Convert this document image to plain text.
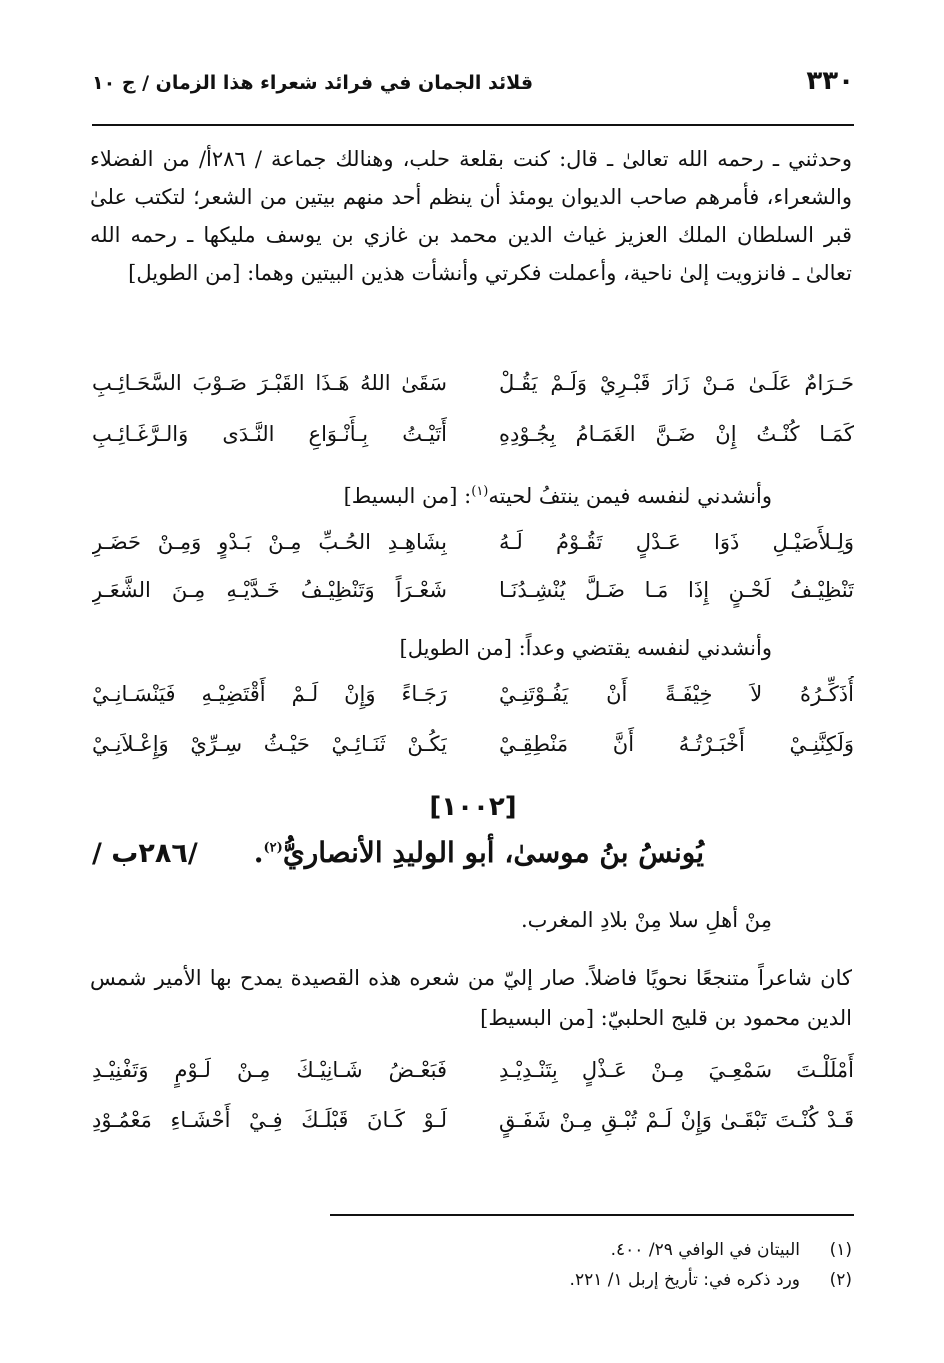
٣٣٠
قلائد الجمان في فرائد شعراء هذا الزمان / ج ١٠
وحدثني ـ رحمه الله تعالىٰ ـ قال: كنت بقلعة حلب، وهنالك جماعة / ٢٨٦أ/ من الفضلاء والشعراء، فأمرهم صاحب الديوان يومئذ أن ينظم أحد منهم بيتين من الشعر؛ لتكتب علىٰ قبر السلطان الملك العزيز غياث الدين محمد بن غازي بن يوسف مليكها ـ رحمه الله تعالىٰ ـ فانزويت إلىٰ ناحية، وأعملت فكرتي وأنشأت هذين البيتين وهما: [من الطويل]
حَـرَامٌ عَلَـىٰ مَـنْ زَارَ قَبْـرِيْ وَلَـمْ يَقُـلْ
سَقَىٰ اللهُ هَـذَا القَبْـرَ صَـوْبَ السَّحَـائِـبِ
كَمَـا كُنْـتُ إِنْ ضَـنَّ الغَمَـامُ بِجُـوْدِهِ
أَتَيْـتُ بِـأَنْـوَاعِ النَّـدَى وَالـرَّغَـائِـبِ
وأنشدني لنفسه فيمن ينتفُ لحيته$^{(١)}$: [من البسيط]
وَلِـلأَصَيْـلِ ذَوَا عَـدْلٍ تَقُـوْمُ لَـهُ
بِشَاهِـدِ الحُـبِّ مِـنْ بَـدْوٍ وَمِـنْ حَضَـرِ
تَنْظِيْـفُ لَحْـنٍ إِذَا مَـا ضَـلَّ يُنْشِـدُنَـا
شَعْـرَاً وَتَنْظِيْـفُ خَـدَّيْـهِ مِـنَ الشَّعَـرِ
وأنشدني لنفسه يقتضي وعداً: [من الطويل]
أُذَكِّـرُهُ لاَ خِيْفَـةً أَنْ يَفُـوْتَنِـيْ
رَجَـاءً وَإِنْ لَـمْ أَقْتَضِيْـهِ فَيَنْسَـانِـيْ
وَلَكِنَّنِـيْ أَخْبَـرْتُـهُ أَنَّ مَنْطِقِـيْ
يَكُـنْ ثَنَـائِـيْ حَيْـثُ سِـرِّيْ وَإِعْـلاَنِـيْ
[١٠٠٢]
/ ٢٨٦ب/	يُونسُ بنُ موسىٰ، أبو الوليدِ الأنصاريُّ$^{(٢)}$.
مِنْ أهلِ سلا مِنْ بلادِ المغرب.
كان شاعراً متنجعًا نحويًا فاضلاً. صار إليّ من شعره هذه القصيدة يمدح بها الأمير شمس الدين محمود بن قليج الحلبيّ: [من البسيط]
أَمْلَلْـتَ سَمْعِـيَ مِـنْ عَـذْلٍ بِتَنْـدِيْـدِ
فَبَعْـضُ شَـانِيْـكَ مِـنْ لَـوْمٍ وَتَفْنِيْـدِ
قَـدْ كُنْـتَ تَبْقَـىٰ وَإِنْ لَـمْ تُبْـقِ مِـنْ شَفَـقٍ
لَـوْ كَـانَ قَبْلَـكَ فِـيْ أَحْشَـاءِ مَعْمُـوْدِ
(١)البيتان في الوافي ٢٩/ ٤٠٠.
(٢)ورد ذكره في: تأريخ إربل ١/ ٢٢١.
